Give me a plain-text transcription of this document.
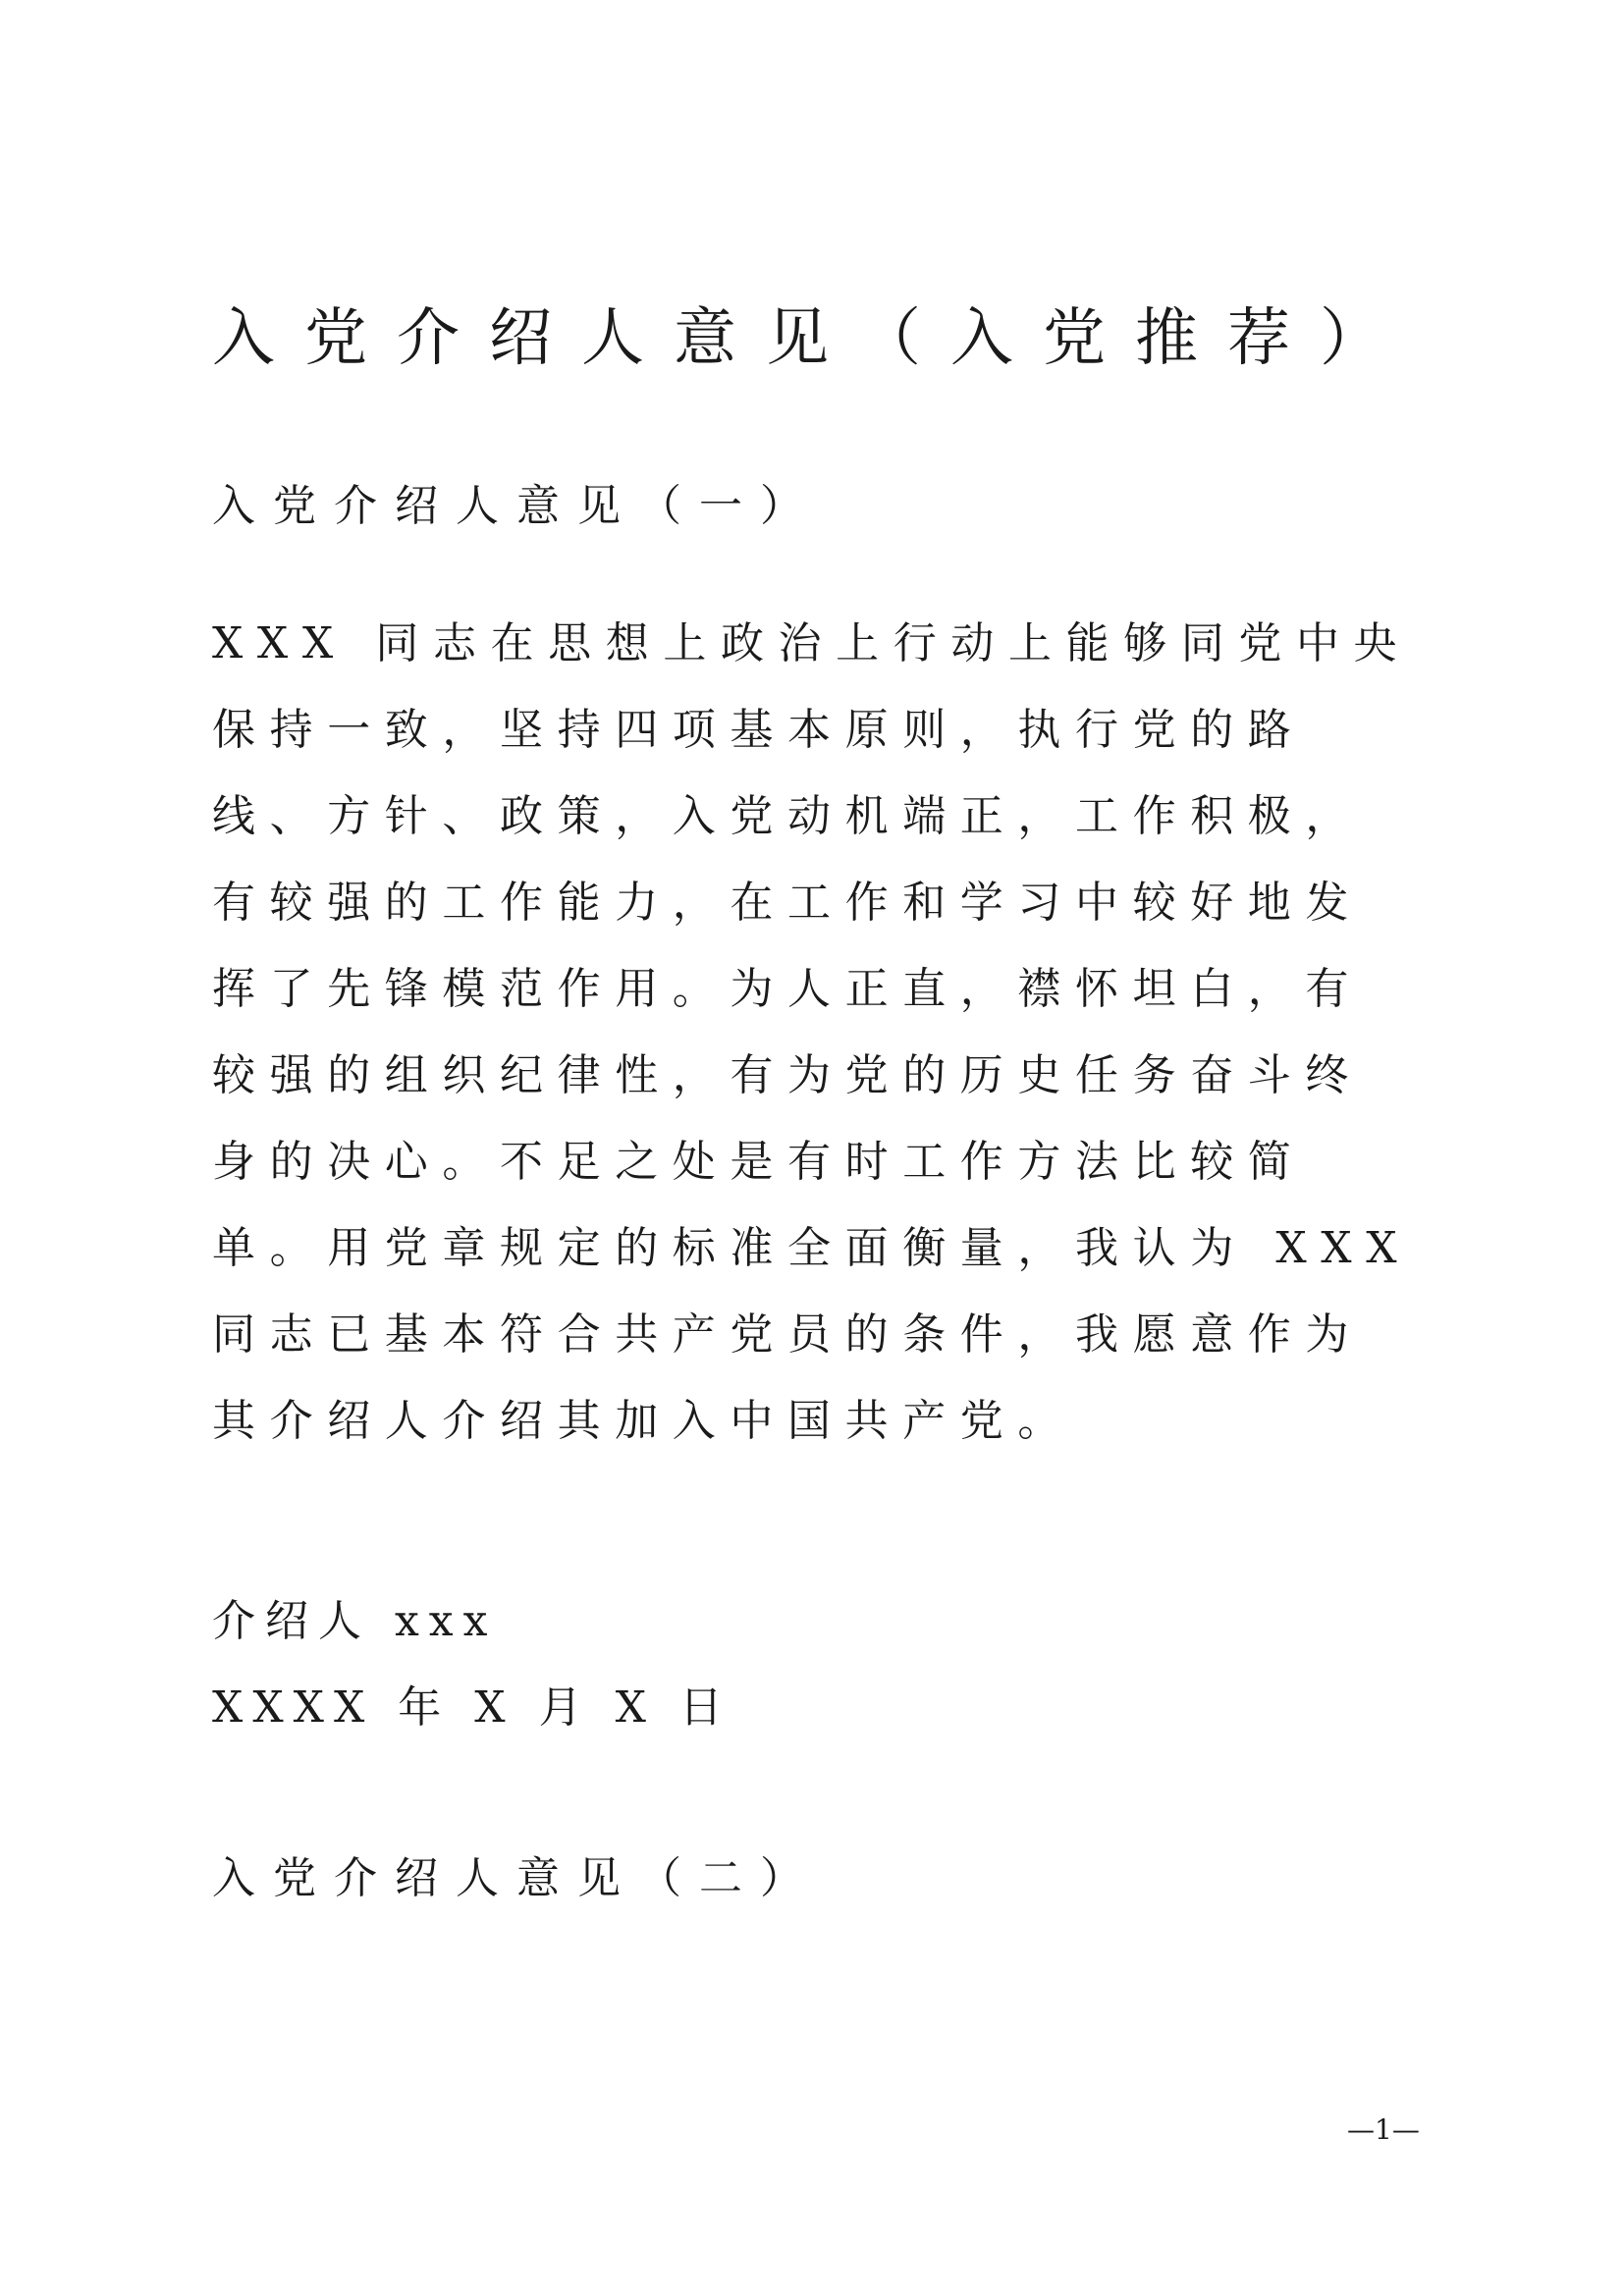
入党介绍人意见（入党推荐）
入党介绍人意见（一）

XXX 同志在思想上政治上行动上能够同党中央保持一致，坚持四项基本原则，执行党的路线、方针、政策，入党动机端正，工作积极，有较强的工作能力，在工作和学习中较好地发挥了先锋模范作用。为人正直，襟怀坦白，有较强的组织纪律性，有为党的历史任务奋斗终身的决心。不足之处是有时工作方法比较简单。用党章规定的标准全面衡量，我认为 XXX 同志已基本符合共产党员的条件，我愿意作为其介绍人介绍其加入中国共产党。

介绍人 xxx
XXXX 年 X 月 X 日
入党介绍人意见（二）
—1—
